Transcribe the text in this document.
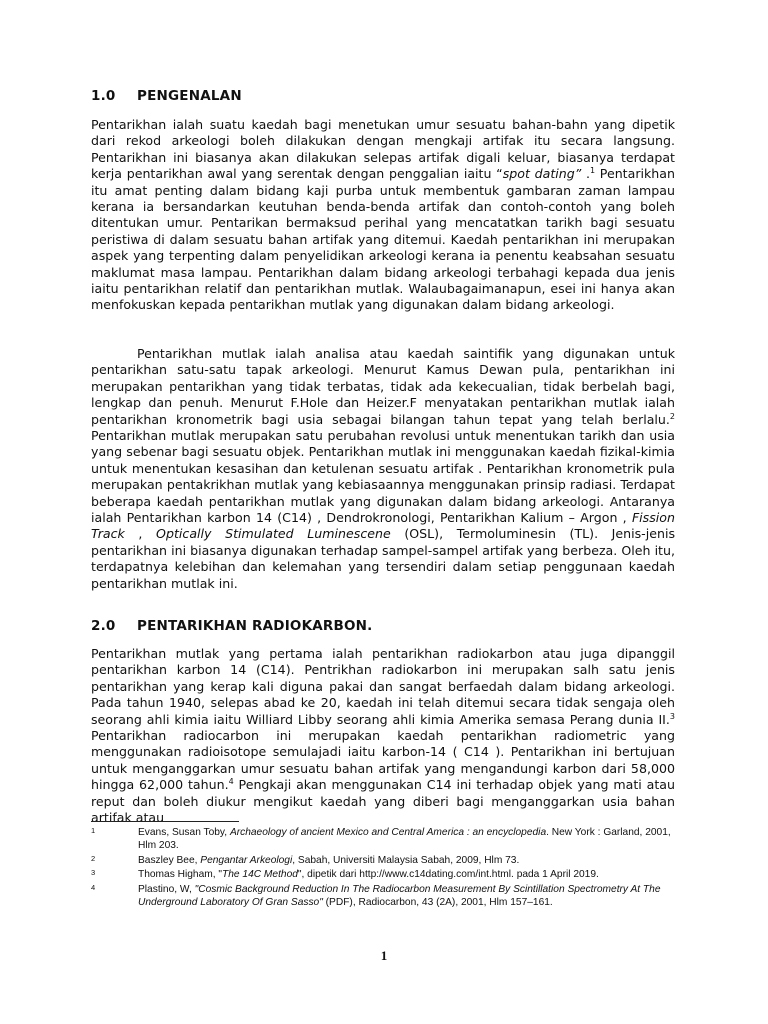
1.0 PENGENALAN

Pentarikhan ialah suatu kaedah bagi menetukan umur sesuatu bahan-bahn yang dipetik dari rekod arkeologi boleh dilakukan dengan mengkaji artifak itu secara langsung. Pentarikhan ini biasanya akan dilakukan selepas artifak digali keluar, biasanya terdapat kerja pentarikhan awal yang serentak dengan penggalian iaitu “spot dating” .$^1$ Pentarikhan itu amat penting dalam bidang kaji purba untuk membentuk gambaran zaman lampau kerana ia bersandarkan keutuhan benda-benda artifak dan contoh-contoh yang boleh ditentukan umur. Pentarikan bermaksud perihal yang mencatatkan tarikh bagi sesuatu peristiwa di dalam sesuatu bahan artifak yang ditemui. Kaedah pentarikhan ini merupakan aspek yang terpenting dalam penyelidikan arkeologi kerana ia penentu keabsahan sesuatu maklumat masa lampau. Pentarikhan dalam bidang arkeologi terbahagi kepada dua jenis iaitu pentarikhan relatif dan pentarikhan mutlak. Walaubagaimanapun, esei ini hanya akan menfokuskan kepada pentarikhan mutlak yang digunakan dalam bidang arkeologi.

Pentarikhan mutlak ialah analisa atau kaedah saintifik yang digunakan untuk pentarikhan satu-satu tapak arkeologi. Menurut Kamus Dewan pula, pentarikhan ini merupakan pentarikhan yang tidak terbatas, tidak ada kekecualian, tidak berbelah bagi, lengkap dan penuh. Menurut F.Hole dan Heizer.F menyatakan pentarikhan mutlak ialah pentarikhan kronometrik bagi usia sebagai bilangan tahun tepat yang telah berlalu.$^2$ Pentarikhan mutlak merupakan satu perubahan revolusi untuk menentukan tarikh dan usia yang sebenar bagi sesuatu objek. Pentarikhan mutlak ini menggunakan kaedah fizikal-kimia untuk menentukan kesasihan dan ketulenan sesuatu artifak . Pentarikhan kronometrik pula merupakan pentakrikhan mutlak yang kebiasaannya menggunakan prinsip radiasi. Terdapat beberapa kaedah pentarikhan mutlak yang digunakan dalam bidang arkeologi. Antaranya ialah Pentarikhan karbon 14 (C14) , Dendrokronologi, Pentarikhan Kalium – Argon , Fission Track , Optically Stimulated Luminescene (OSL), Termoluminesin (TL). Jenis-jenis pentarikhan ini biasanya digunakan terhadap sampel-sampel artifak yang berbeza. Oleh itu, terdapatnya kelebihan dan kelemahan yang tersendiri dalam setiap penggunaan kaedah pentarikhan mutlak ini.

2.0 PENTARIKHAN RADIOKARBON.

Pentarikhan mutlak yang pertama ialah pentarikhan radiokarbon atau juga dipanggil pentarikhan karbon 14 (C14). Pentrikhan radiokarbon ini merupakan salh satu jenis pentarikhan yang kerap kali diguna pakai dan sangat berfaedah dalam bidang arkeologi. Pada tahun 1940, selepas abad ke 20, kaedah ini telah ditemui secara tidak sengaja oleh seorang ahli kimia iaitu Williard Libby seorang ahli kimia Amerika semasa Perang dunia II.$^3$ Pentarikhan radiocarbon ini merupakan kaedah pentarikhan radiometric yang menggunakan radioisotope semulajadi iaitu karbon-14 ( C14 ). Pentarikhan ini bertujuan untuk menganggarkan umur sesuatu bahan artifak yang mengandungi karbon dari 58,000 hingga 62,000 tahun.$^4$ Pengkaji akan menggunakan C14 ini terhadap objek yang mati atau reput dan boleh diukur mengikut kaedah yang diberi bagi menganggarkan usia bahan artifak atau

1	Evans, Susan Toby, Archaeology of ancient Mexico and Central America : an encyclopedia. New York : Garland, 2001, Hlm 203.
2	Baszley Bee, Pengantar Arkeologi, Sabah, Universiti Malaysia Sabah, 2009, Hlm 73.
3	Thomas Higham, "The 14C Method", dipetik dari http://www.c14dating.com/int.html. pada 1 April 2019.
4	Plastino, W, "Cosmic Background Reduction In The Radiocarbon Measurement By Scintillation Spectrometry At The Underground Laboratory Of Gran Sasso" (PDF), Radiocarbon, 43 (2A), 2001, Hlm 157–161.
1
